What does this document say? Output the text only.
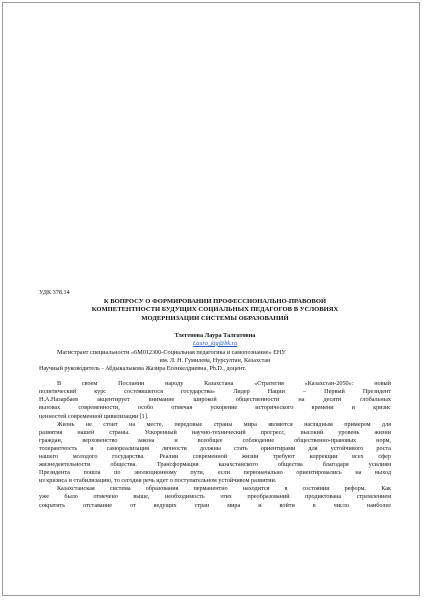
УДК 378.14

К ВОПРОСУ О ФОРМИРОВАНИИ ПРОФЕССИОНАЛЬНО-ПРАВОВОЙ
КОМПЕТЕНТНОСТИ БУДУЩИХ СОЦИАЛЬНЫХ ПЕДАГОГОВ В УСЛОВИЯХ
МОДЕРНИЗАЦИИ СИСТЕМЫ ОБРАЗОВАНИЙ

Тлегенова Лаура Талгатовна

Laura_ktg@bk.ru

Магистрант специальности «6М012300-Социальная педагогика и самопознание» ЕНУ

им. Л. Н. Гумилева, Нурсултан, Казахстан

Научный руководитель - Абдыкалыкова Жазира Есенкелдиевна, Ph.D., доцент.

В своем Послании народу Казахстана «Стратегия «Казахстан-2050»: новый
политический курс состоявшегося государства» Лидер Нации – Первый Президент
Н.А.Назарбаев акцентирует внимание широкой общественности на десяти глобальных
вызовах современности, особо отмечая ускорение исторического времени и кризис
ценностей современной цивилизации [1].
Жизнь не стоит на месте, передовые страны мира являются наглядным примером для
развития нашей страны. Ускоренный научно-технический прогресс, высокий уровень жизни
граждан, верховенство закона и всеобщее соблюдение общественно-правовых норм,
толерантность и самореализация личности должны стать ориентирами для устойчивого роста
нашего молодого государства. Реалии современной жизни требуют коррекции всех сфер
жизнедеятельности общества. Трансформация казахстанского общества благодаря усилиям
Президента пошла по эволюционному пути, если первоначально ориентировались на выход
из кризиса и стабилизацию, то сегодня речь идет о поступательном устойчивом развитии.
Казахстанская система образования перманентно находится в состоянии реформ. Как
уже было отмечено выше, необходимость этих преобразований продиктована стремлением
сократить отставание от ведущих стран мира и войти в число наиболее
